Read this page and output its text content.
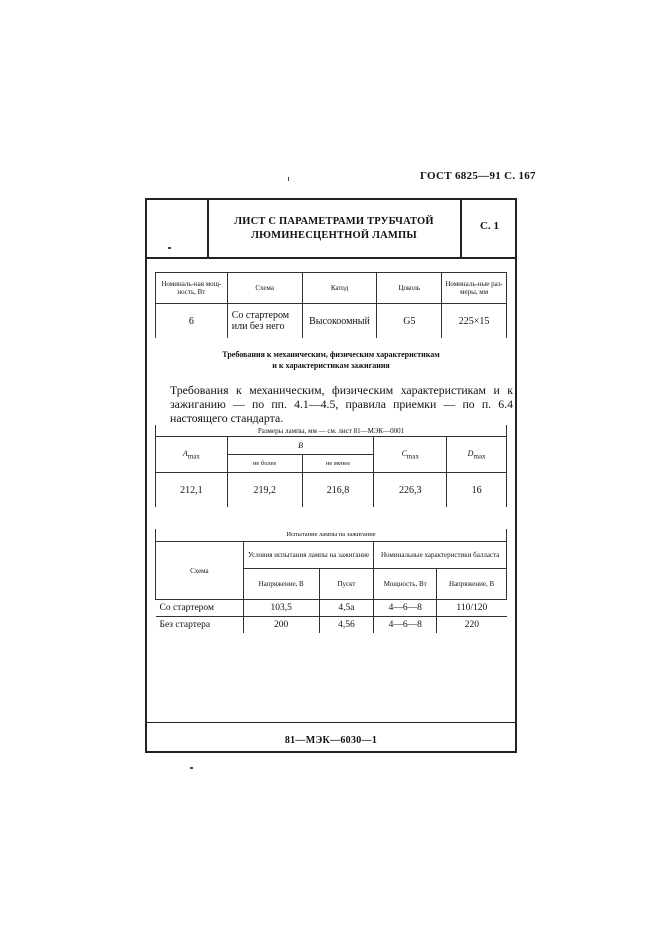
ГОСТ 6825—91 С. 167
ЛИСТ С ПАРАМЕТРАМИ ТРУБЧАТОЙ
ЛЮМИНЕСЦЕНТНОЙ ЛАМПЫ
С. 1
Номиналь-ная мощ-ность, Вт	Схема	Катод	Цоколь	Номиналь-ные раз-меры, мм
6	Со стартером или без него	Высокоомный	G5	225×15
Требования к механическим, физическим характеристикам
и к характеристикам зажигания
Требования к механическим, физическим характеристикам и к зажиганию — по пп. 4.1—4.5, правила приемки — по п. 6.4 настоящего стандарта.
Размеры лампы, мм — см. лист 81—МЭК—0001				
$A_{max}$	B		$C_{max}$	$D_{max}$
	не более	не менее		
212,1	219,2	216,8	226,3	16
Испытание лампы на зажигание				
Схема	Условия испытания лампы на зажигание		Номинальные характеристики балласта	
	Напряжение, В	Пускт	Мощность, Вт	Напряжение, В
Со стартером	103,5	4,5a	4—6—8	110/120
Без стартера	200	4,56	4—6—8	220
81—МЭК—6030—1
